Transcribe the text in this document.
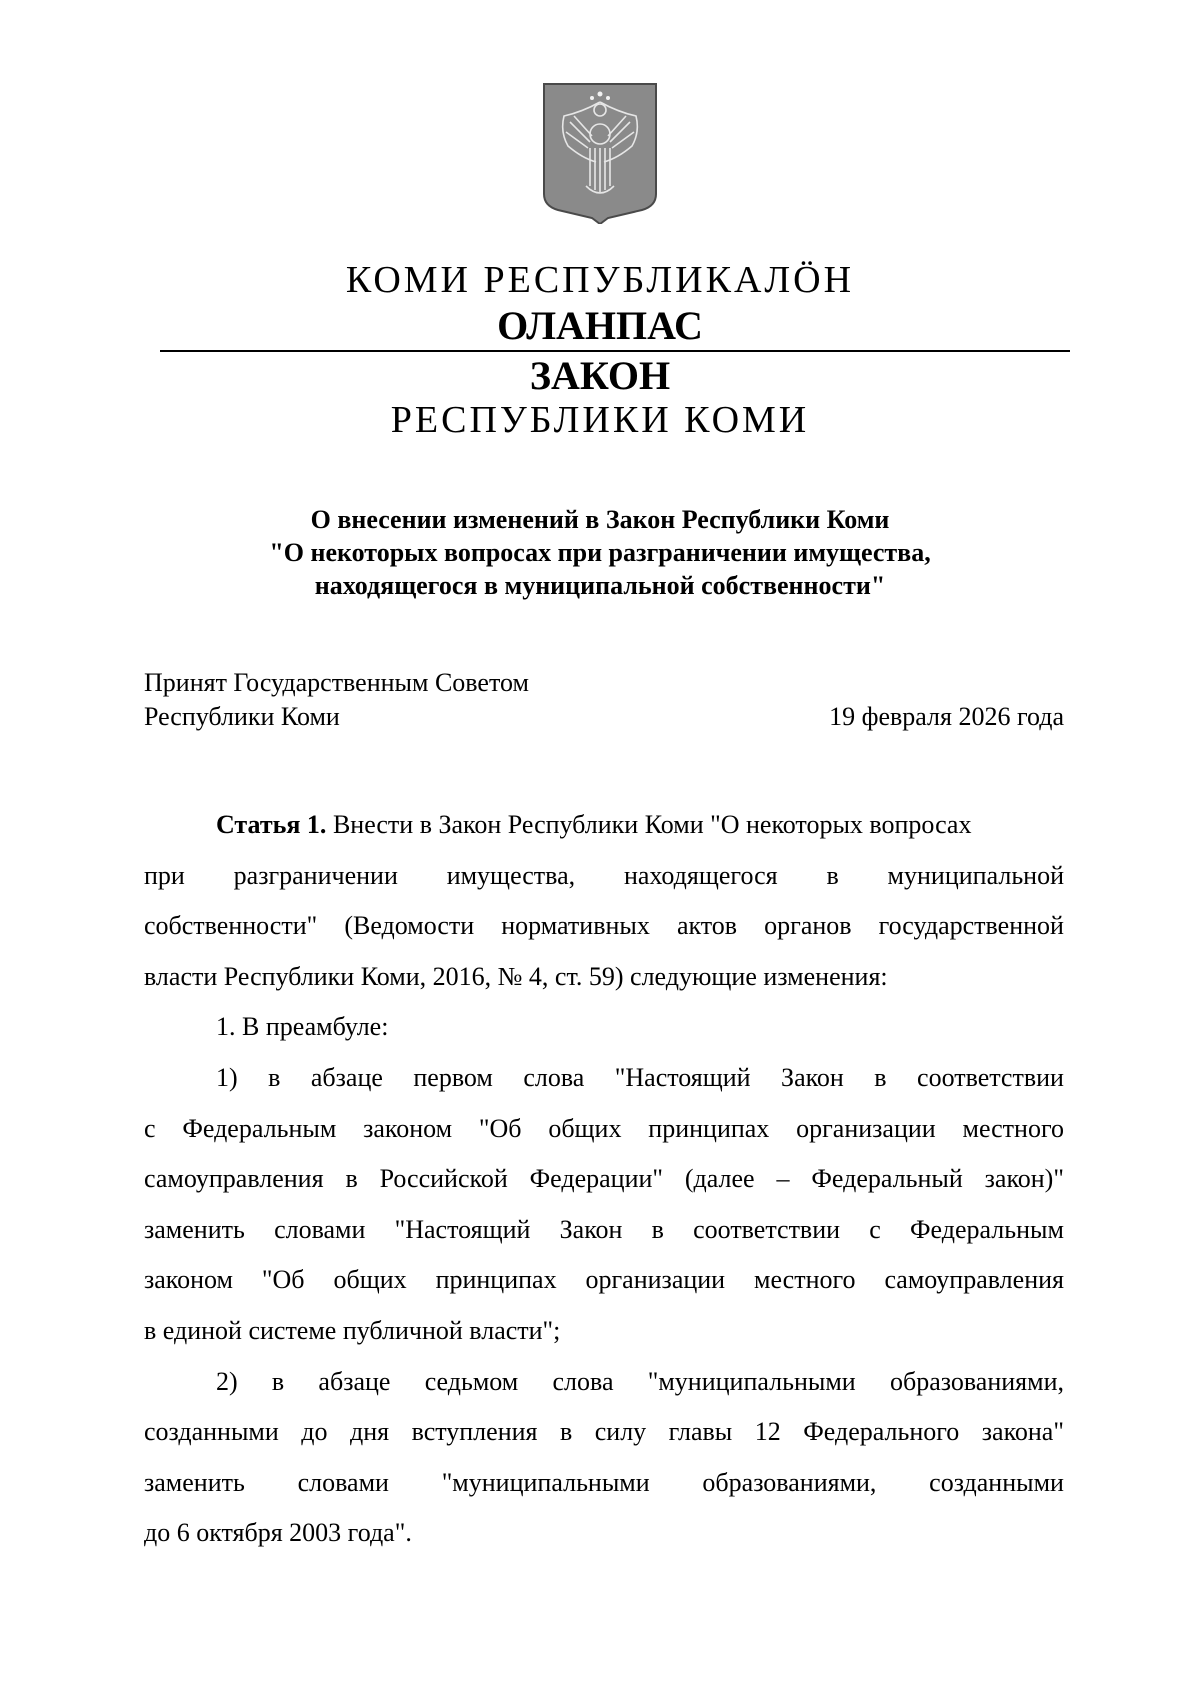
КОМИ РЕСПУБЛИКАЛӦН
ОЛАНПАС
ЗАКОН
РЕСПУБЛИКИ КОМИ
О внесении изменений в Закон Республики Коми
"О некоторых вопросах при разграничении имущества,
находящегося в муниципальной собственности"
Принят Государственным Советом
Республики Коми	19 февраля 2026 года
Статья 1. Внести в Закон Республики Коми "О некоторых вопросах
при разграничении имущества, находящегося в муниципальной
собственности" (Ведомости нормативных актов органов государственной
власти Республики Коми, 2016, № 4, ст. 59) следующие изменения:
1. В преамбуле:
1) в абзаце первом слова "Настоящий Закон в соответствии
с Федеральным законом "Об общих принципах организации местного
самоуправления в Российской Федерации" (далее – Федеральный закон)"
заменить словами "Настоящий Закон в соответствии с Федеральным
законом "Об общих принципах организации местного самоуправления
в единой системе публичной власти";
2) в абзаце седьмом слова "муниципальными образованиями,
созданными до дня вступления в силу главы 12 Федерального закона"
заменить словами "муниципальными образованиями, созданными
до 6 октября 2003 года".
